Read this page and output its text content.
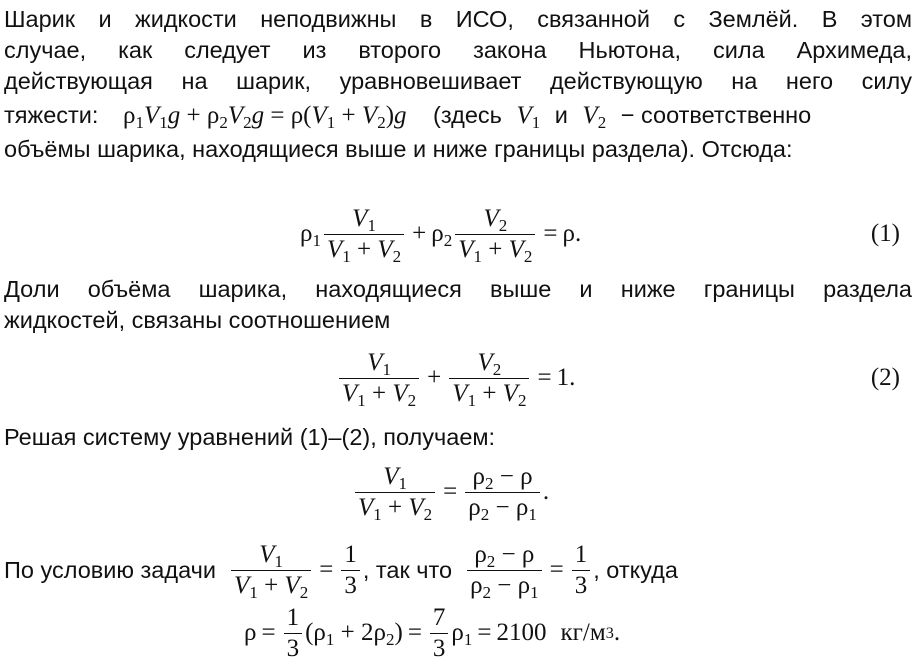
Шарик и жидкости неподвижны в ИСО, связанной с Землёй. В этом
случае, как следует из второго закона Ньютона, сила Архимеда,
действующая на шарик, уравновешивает действующую на него силу
тяжести: $\rho_1V_1g + \rho_2V_2g = \rho(V_1 + V_2)g$ (здесь $V_1$ и $V_2$ − соответственно
объёмы шарика, находящиеся выше и ниже границы раздела). Отсюда:
$\rho_1 \frac{V_1}{V_1 + V_2} + \rho_2 \frac{V_2}{V_1 + V_2} = \rho$.	(1)
Доли объёма шарика, находящиеся выше и ниже границы раздела
жидкостей, связаны соотношением
$\frac{V_1}{V_1 + V_2} + \frac{V_2}{V_1 + V_2} = 1$.	(2)
Решая систему уравнений (1)–(2), получаем:
$\frac{V_1}{V_1 + V_2} = \frac{\rho_2 - \rho}{\rho_2 - \rho_1}$ .
По условию задачи $\frac{V_1}{V_1 + V_2} = \frac{1}{3}$ , так что $\frac{\rho_2 - \rho}{\rho_2 - \rho_1} = \frac{1}{3}$ , откуда
$\rho = \frac{1}{3} (\rho_1 + 2\rho_2) = \frac{7}{3} \rho_1 = 2100$ кг/м 3 .
